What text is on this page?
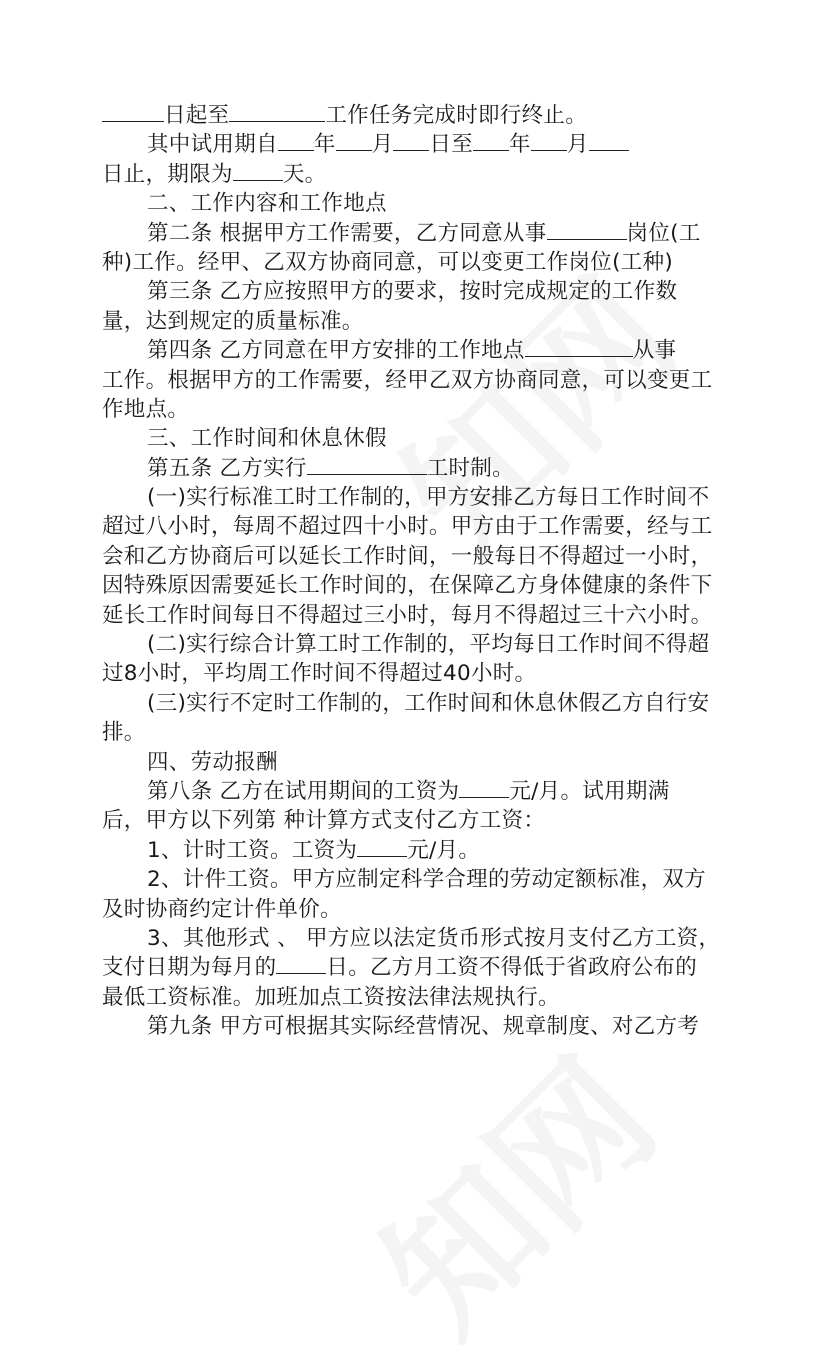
日起至	工作任务完成时即行终止。
其中试用期自 年 月 日至 年 月
日止，期限为 天。
二、工作内容和工作地点
第二条 根据甲方工作需要，乙方同意从事	岗位(工
种)工作。经甲、乙双方协商同意，可以变更工作岗位(工种)
第三条 乙方应按照甲方的要求，按时完成规定的工作数
量，达到规定的质量标准。
第四条 乙方同意在甲方安排的工作地点	从事
工作。根据甲方的工作需要，经甲乙双方协商同意，可以变更工
作地点。
三、工作时间和休息休假
第五条 乙方实行	工时制。
(一)实行标准工时工作制的，甲方安排乙方每日工作时间不
超过八小时，每周不超过四十小时。甲方由于工作需要，经与工
会和乙方协商后可以延长工作时间，一般每日不得超过一小时，
因特殊原因需要延长工作时间的，在保障乙方身体健康的条件下
延长工作时间每日不得超过三小时，每月不得超过三十六小时。
(二)实行综合计算工时工作制的，平均每日工作时间不得超
过8小时，平均周工作时间不得超过40小时。
(三)实行不定时工作制的，工作时间和休息休假乙方自行安
排。
四、劳动报酬
第八条 乙方在试用期间的工资为 元/月。试用期满
后，甲方以下列第 种计算方式支付乙方工资：
1、计时工资。工资为 元/月。
2、计件工资。甲方应制定科学合理的劳动定额标准，双方
及时协商约定计件单价。
3、其他形式 、 甲方应以法定货币形式按月支付乙方工资，
支付日期为每月的 日。乙方月工资不得低于省政府公布的
最低工资标准。加班加点工资按法律法规执行。
第九条 甲方可根据其实际经营情况、规章制度、对乙方考
